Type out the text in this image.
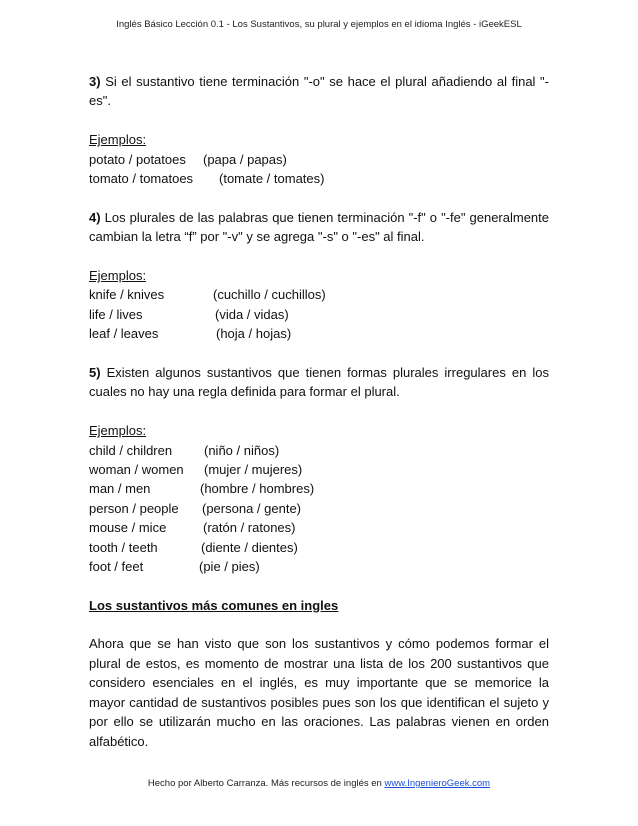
Inglés Básico Lección 0.1 - Los Sustantivos, su plural y ejemplos en el idioma Inglés - iGeekESL

3) Si el sustantivo tiene terminación "-o" se hace el plural añadiendo al final "-es".

Ejemplos:
potato / potatoes (papa / papas)
tomato / tomatoes (tomate / tomates)

4) Los plurales de las palabras que tienen terminación "-f" o "-fe" generalmente cambian la letra “f” por "-v" y se agrega "-s" o "-es" al final.

Ejemplos:
knife / knives	(cuchillo / cuchillos)
life / lives	(vida / vidas)
leaf / leaves	(hoja / hojas)

5) Existen algunos sustantivos que tienen formas plurales irregulares en los cuales no hay una regla definida para formar el plural.

Ejemplos:
child / children (niño / niños)
woman / women (mujer / mujeres)
man / men	(hombre / hombres)
person / people (persona / gente)
mouse / mice	(ratón / ratones)
tooth / teeth	(diente / dientes)
foot / feet	(pie / pies)
Los sustantivos más comunes en ingles

Ahora que se han visto que son los sustantivos y cómo podemos formar el plural de estos, es momento de mostrar una lista de los 200 sustantivos que considero esenciales en el inglés, es muy importante que se memorice la mayor cantidad de sustantivos posibles pues son los que identifican el sujeto y por ello se utilizarán mucho en las oraciones. Las palabras vienen en orden alfabético.

Hecho por Alberto Carranza. Más recursos de inglés en www.IngenieroGeek.com
